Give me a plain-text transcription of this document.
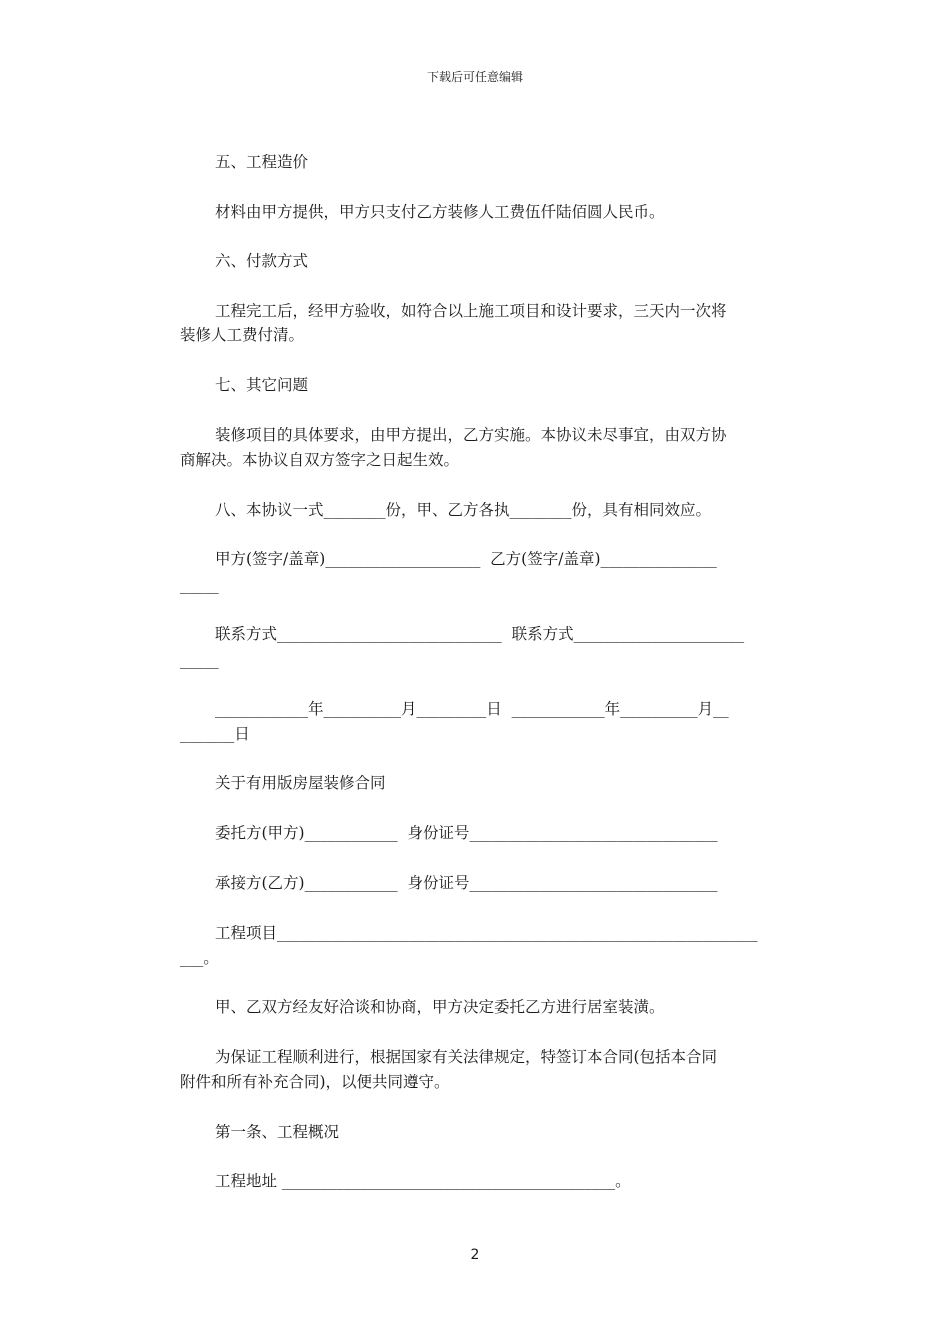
下载后可任意编辑

五、工程造价

材料由甲方提供，甲方只支付乙方装修人工费伍仟陆佰圆人民币。

六、付款方式

工程完工后，经甲方验收，如符合以上施工项目和设计要求，三天内一次将

装修人工费付清。

七、其它问题

装修项目的具体要求，由甲方提出，乙方实施。本协议未尽事宜，由双方协

商解决。本协议自双方签字之日起生效。

八、本协议一式________份，甲、乙方各执________份，具有相同效应。

甲方(签字/盖章)____________________  乙方(签字/盖章)_______________

_____

联系方式_____________________________  联系方式______________________

_____

____________年__________月_________日  ____________年__________月__

_______日

关于有用版房屋装修合同

委托方(甲方)____________  身份证号________________________________

承接方(乙方)____________  身份证号________________________________

工程项目______________________________________________________________

___。

甲、乙双方经友好洽谈和协商，甲方决定委托乙方进行居室装潢。

为保证工程顺利进行，根据国家有关法律规定，特签订本合同(包括本合同

附件和所有补充合同)，以便共同遵守。

第一条、工程概况

工程地址 ___________________________________________。

2
